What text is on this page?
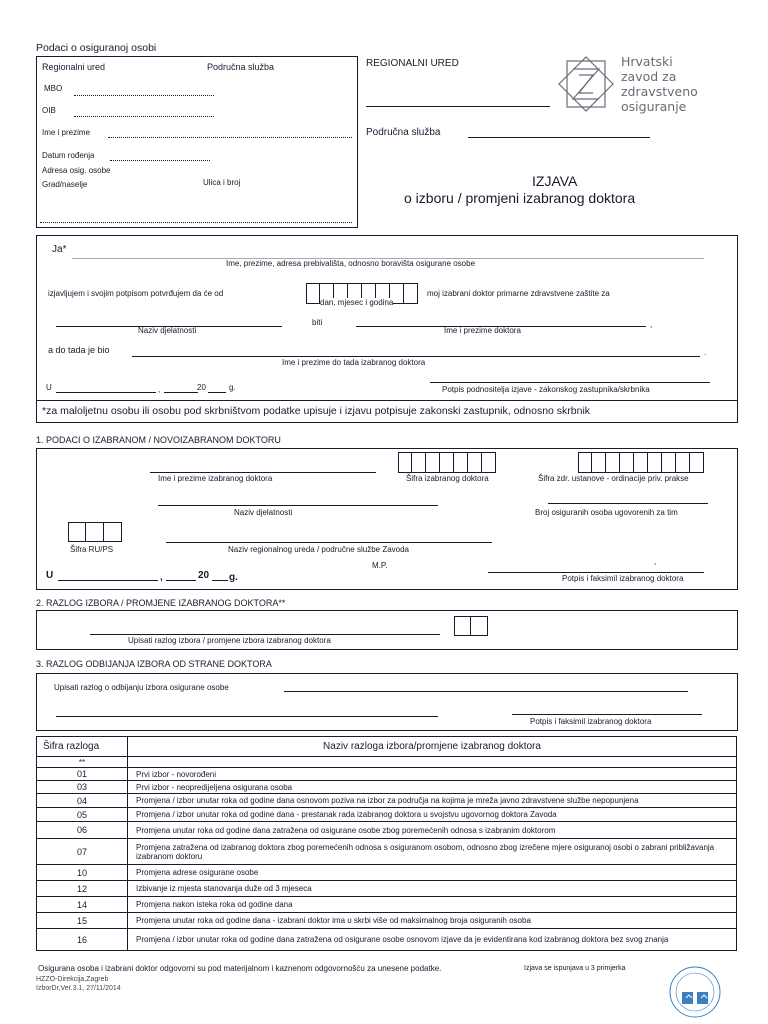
Podaci o osiguranoj osobi
Regionalni ured	Područna služba
MBO
OIB
Ime i prezime
Datum rođenja
Adresa osig. osobe
Grad/naselje	Ulica i broj
REGIONALNI URED
Područna služba
Hrvatski
zavod za
zdravstveno
osiguranje
IZJAVA
o izboru / promjeni izabranog doktora
Ja*
Ime, prezime, adresa prebivališta, odnosno boravišta osigurane osobe
izjavljujem i svojim potpisom potvrđujem da će od
dan, mjesec i godina
moj izabrani doktor primarne zdravstvene zaštite za
Naziv djelatnosti
biti
Ime i prezime doktora
,
a do tada je bio	.
Ime i prezime do tada izabranog doktora
U	,	20	g.	Potpis podnositelja izjave - zakonskog zastupnika/skrbnika
*za maloljetnu osobu ili osobu pod skrbništvom podatke upisuje i izjavu potpisuje zakonski zastupnik, odnosno skrbnik
1. PODACI O IZABRANOM / NOVOIZABRANOM DOKTORU
Ime i prezime izabranog doktora	Šifra izabranog doktora	Šifra zdr. ustanove - ordinacije priv. prakse
Naziv djelatnosti	Broj osiguranih osoba ugovorenih za tim
Šifra RU/PS	Naziv regionalnog ureda / područne službe Zavoda
M.P.	,
U	,	20 g.	Potpis i faksimil izabranog doktora
2. RAZLOG IZBORA / PROMJENE IZABRANOG DOKTORA**
Upisati razlog izbora / promjene izbora izabranog doktora
3. RAZLOG ODBIJANJA IZBORA OD STRANE DOKTORA
Upisati razlog o odbijanju izbora osigurane osobe
Potpis i faksimil izabranog doktora
Šifra razloga	Naziv razloga izbora/promjene izabranog doktora
**	
01	Prvi izbor - novorođeni
03	Prvi izbor - neopredijeljena osigurana osoba
04	Promjena / izbor unutar roka od godine dana osnovom poziva na izbor za područja na kojima je mreža javno zdravstvene službe nepopunjena
05	Promjena / izbor unutar roka od godine dana - prestanak rada izabranog doktora u svojstvu ugovornog doktora Zavoda
06	Promjena unutar roka od godine dana zatražena od osigurane osobe zbog poremećenih odnosa s izabranim doktorom
07	Promjena zatražena od izabranog doktora zbog poremećenih odnosa s osiguranom osobom, odnosno zbog izrečene mjere osiguranoj osobi o zabrani približavanja izabranom doktoru
10	Promjena adrese osigurane osobe
12	Izbivanje iz mjesta stanovanja duže od 3 mjeseca
14	Promjena nakon isteka roka od godine dana
15	Promjena unutar roka od godine dana - izabrani doktor ima u skrbi više od maksimalnog broja osiguranih osoba
16	Promjena / izbor unutar roka od godine dana zatražena od osigurane osobe osnovom izjave da je evidentirana kod izabranog doktora bez svog znanja
Osigurana osoba i izabrani doktor odgovorni su pod materijalnom i kaznenom odgovornošću za unesene podatke.	Izjava se ispunjava u 3 primjerka
HZZO-Direkcija,Zagreb
IzborDr,Ver.3.1, 27/11/2014
